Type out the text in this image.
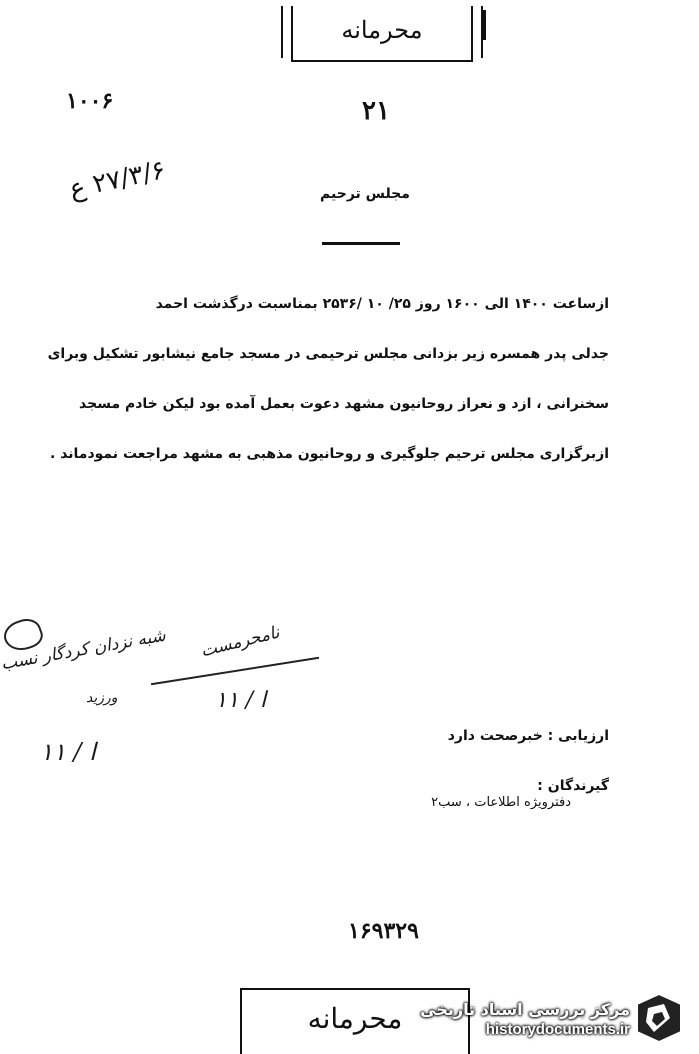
محرمانه
۱۰۰۶	۲۱
۲۷/۳/۶ ع	مجلس ترحیم
ازساعت ۱۴۰۰ الی ۱۶۰۰ روز ۲۵/ ۱۰ /۲۵۳۶ بمناسبت درگذشت احمد
جدلی پدر همسره زیر بزدانی مجلس ترحیمی در مسجد جامع نیشابور تشکیل وبرای
سخنرانی ، ازد و نعراز روحانیون مشهد دعوت بعمل آمده بود لیکن خادم مسجد
ازبرگزاری مجلس ترحیم جلوگیری و روحانیون مذهبی به مشهد مراجعت نمودماند .
شبه نزدان کردگار نسب نامحرمست
ورزید	ا / ۱۱
ا / ۱۱
ارزیابی : خبرصحت دارد
گیرندگان :
دفترویژه اطلاعات ، سب۲
۱۶۹۳۲۹
محرمانه	مرکز بررسی اسناد تاریخی
historydocuments.ir
